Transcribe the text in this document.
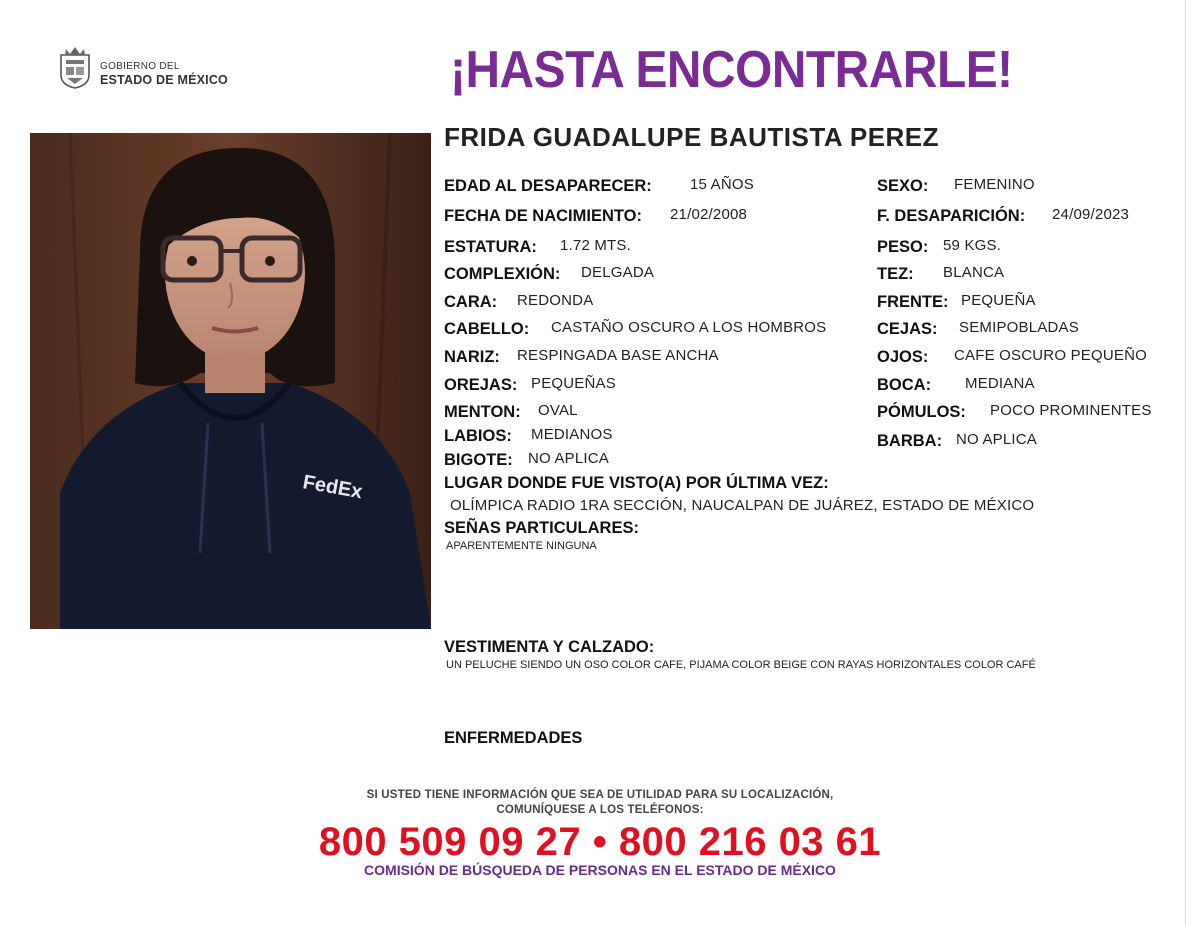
GOBIERNO DEL
ESTADO DE MÉXICO	¡HASTA ENCONTRARLE!
FedEx
FRIDA GUADALUPE BAUTISTA PEREZ
EDAD AL DESAPARECER:	15 AÑOS
FECHA DE NACIMIENTO: 21/02/2008
ESTATURA: 1.72 MTS.
COMPLEXIÓN: DELGADA
CARA: REDONDA
CABELLO: CASTAÑO OSCURO A LOS HOMBROS
NARIZ: RESPINGADA BASE ANCHA
OREJAS: PEQUEÑAS
MENTON: OVAL
LABIOS: MEDIANOS
BIGOTE: NO APLICA
SEXO: FEMENINO
F. DESAPARICIÓN: 24/09/2023
PESO: 59 KGS.
TEZ: BLANCA
FRENTE: PEQUEÑA
CEJAS: SEMIPOBLADAS
OJOS: CAFE OSCURO PEQUEÑO
BOCA: MEDIANA
PÓMULOS: POCO PROMINENTES
BARBA: NO APLICA
LUGAR DONDE FUE VISTO(A) POR ÚLTIMA VEZ:
OLÍMPICA RADIO 1RA SECCIÓN, NAUCALPAN DE JUÁREZ, ESTADO DE MÉXICO
SEÑAS PARTICULARES:
APARENTEMENTE NINGUNA
VESTIMENTA Y CALZADO:
UN PELUCHE SIENDO UN OSO COLOR CAFE, PIJAMA COLOR BEIGE CON RAYAS HORIZONTALES COLOR CAFÉ
ENFERMEDADES
SI USTED TIENE INFORMACIÓN QUE SEA DE UTILIDAD PARA SU LOCALIZACIÓN,
COMUNÍQUESE A LOS TELÉFONOS:
800 509 09 27 • 800 216 03 61
COMISIÓN DE BÚSQUEDA DE PERSONAS EN EL ESTADO DE MÉXICO
